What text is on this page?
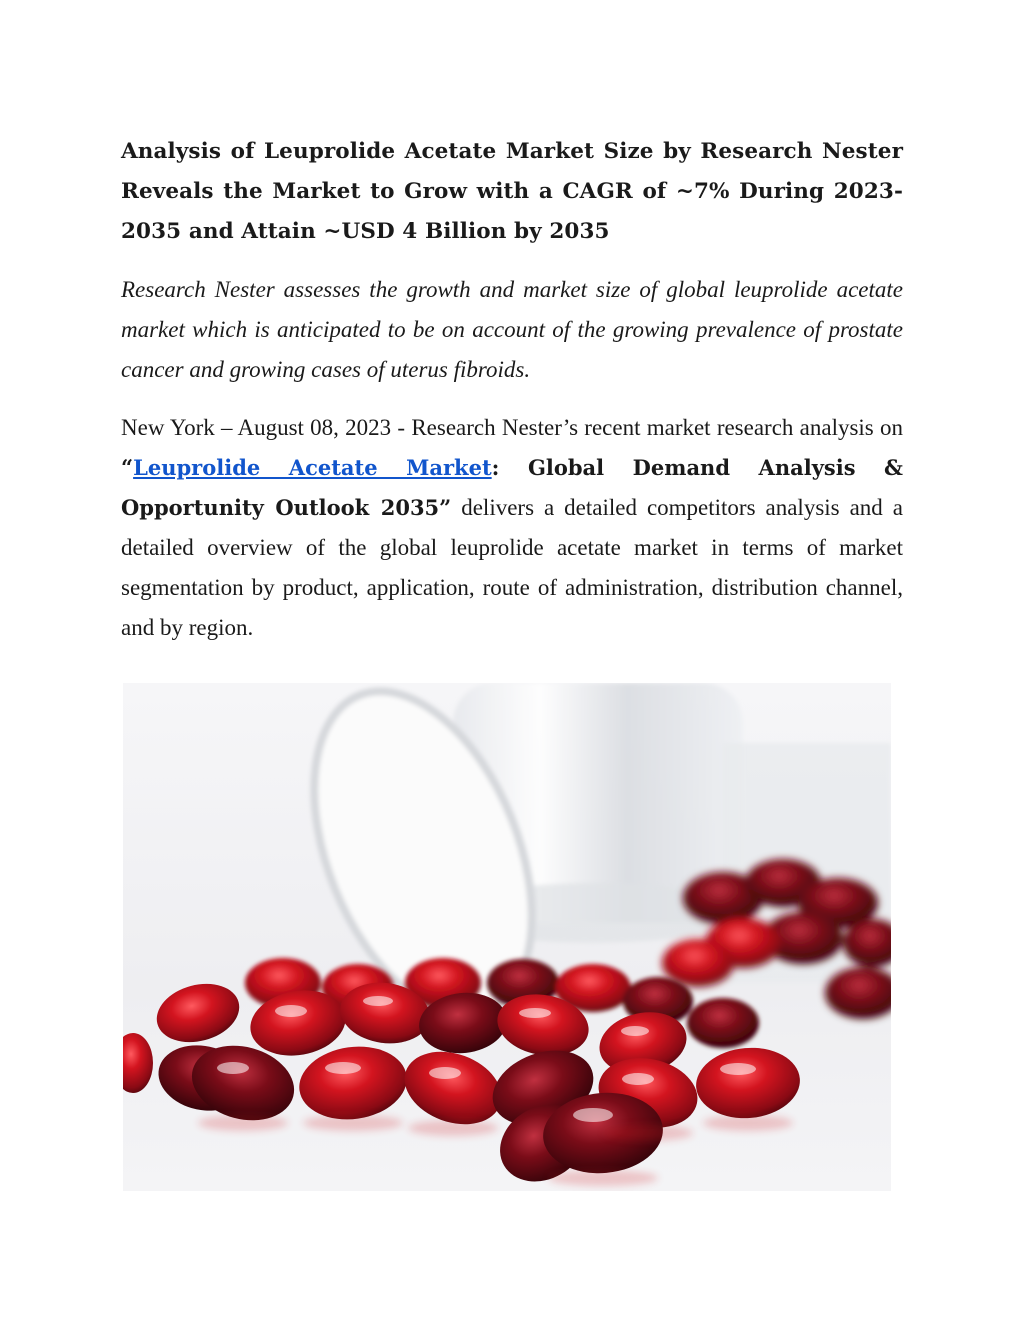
Analysis of Leuprolide Acetate Market Size by Research Nester Reveals the Market to Grow with a CAGR of ~7% During 2023-2035 and Attain ~USD 4 Billion by 2035

Research Nester assesses the growth and market size of global leuprolide acetate market which is anticipated to be on account of the growing prevalence of prostate cancer and growing cases of uterus fibroids.

New York – August 08, 2023 - Research Nester’s recent market research analysis on “Leuprolide Acetate Market: Global Demand Analysis & Opportunity Outlook 2035” delivers a detailed competitors analysis and a detailed overview of the global leuprolide acetate market in terms of market segmentation by product, application, route of administration, distribution channel, and by region.
